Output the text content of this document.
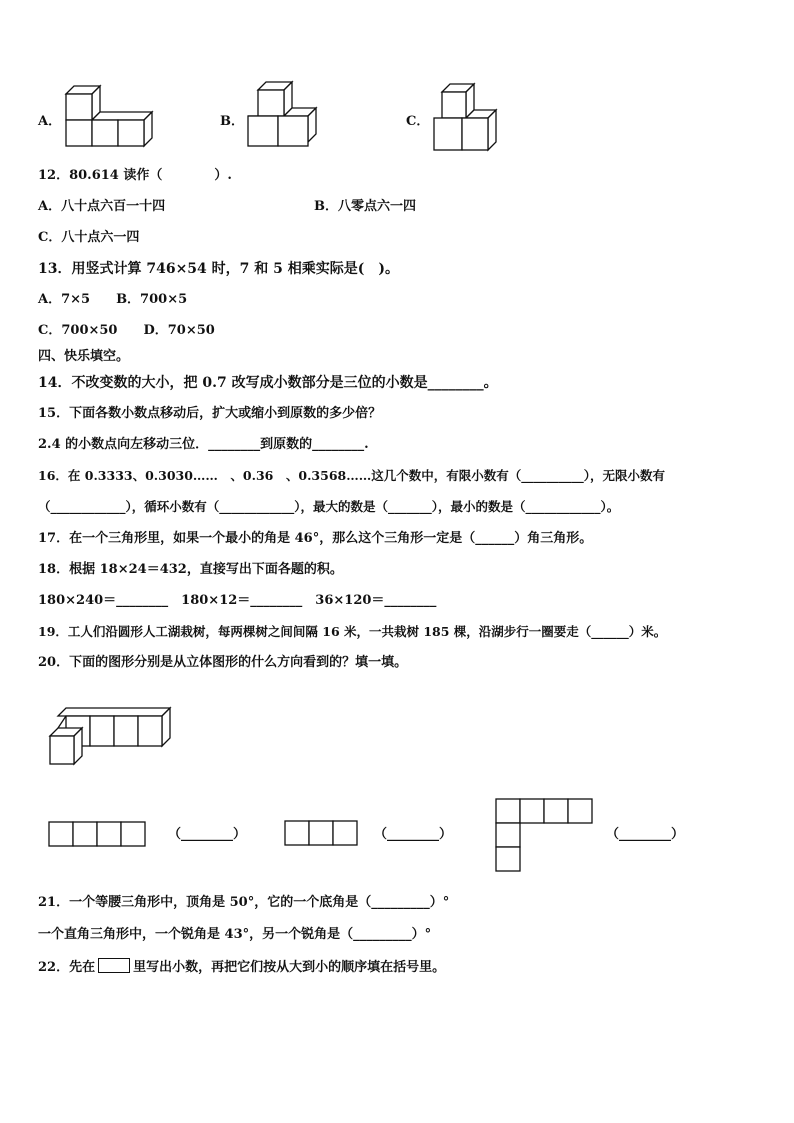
A．	B．	C．
12．80.614 读作（　　　　）.
A．八十点六百一十四	B．八零点六一四
C．八十点六一四
13．用竖式计算 746×54 时，7 和 5 相乘实际是(　)。
A．7×5　　B．700×5
C．700×50　　D．70×50
四、快乐填空。
14．不改变数的大小，把 0.7 改写成小数部分是三位的小数是________。
15．下面各数小数点移动后，扩大或缩小到原数的多少倍？
2.4 的小数点向左移动三位．________到原数的________.
16．在 0.3333、0.3030……　、0.36　、0.3568……这几个数中，有限小数有（__________），无限小数有
（____________），循环小数有（____________），最大的数是（_______），最小的数是（____________）。
17．在一个三角形里，如果一个最小的角是 46°，那么这个三角形一定是（______）角三角形。
18．根据 18×24＝432，直接写出下面各题的积。
180×240＝________　180×12＝________　36×120＝________
19．工人们沿圆形人工湖栽树，每两棵树之间间隔 16 米，一共栽树 185 棵，沿湖步行一圈要走（______）米。
20．下面的图形分别是从立体图形的什么方向看到的？填一填。
（________）	（________）	（________）
21．一个等腰三角形中，顶角是 50°，它的一个底角是（_________）°
一个直角三角形中，一个锐角是 43°，另一个锐角是（_________）°
22．先在	里写出小数，再把它们按从大到小的顺序填在括号里。
